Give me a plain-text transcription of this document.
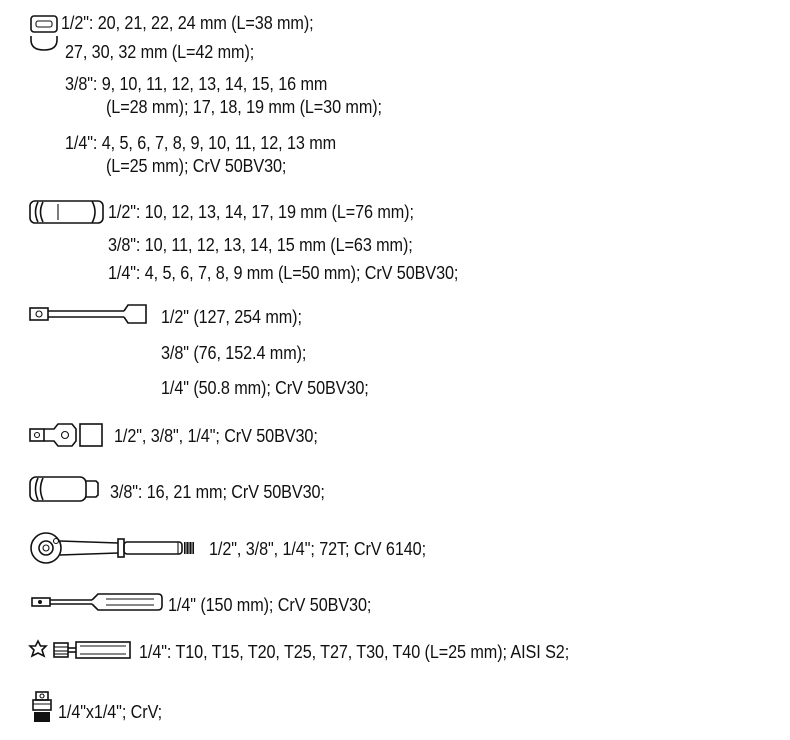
1/2": 20, 21, 22, 24 mm (L=38 mm);
27, 30, 32 mm (L=42 mm);
3/8": 9, 10, 11, 12, 13, 14, 15, 16 mm
(L=28 mm); 17, 18, 19 mm (L=30 mm);
1/4": 4, 5, 6, 7, 8, 9, 10, 11, 12, 13 mm
(L=25 mm); CrV 50BV30;
1/2": 10, 12, 13, 14, 17, 19 mm (L=76 mm);
3/8": 10, 11, 12, 13, 14, 15 mm (L=63 mm);
1/4": 4, 5, 6, 7, 8, 9 mm (L=50 mm); CrV 50BV30;
1/2" (127, 254 mm);
3/8" (76, 152.4 mm);
1/4" (50.8 mm); CrV 50BV30;
1/2", 3/8", 1/4"; CrV 50BV30;
3/8": 16, 21 mm; CrV 50BV30;
1/2", 3/8", 1/4"; 72T; CrV 6140;
1/4" (150 mm); CrV 50BV30;
1/4": T10, T15, T20, T25, T27, T30, T40 (L=25 mm); AISI S2;
1/4"x1/4"; CrV;
